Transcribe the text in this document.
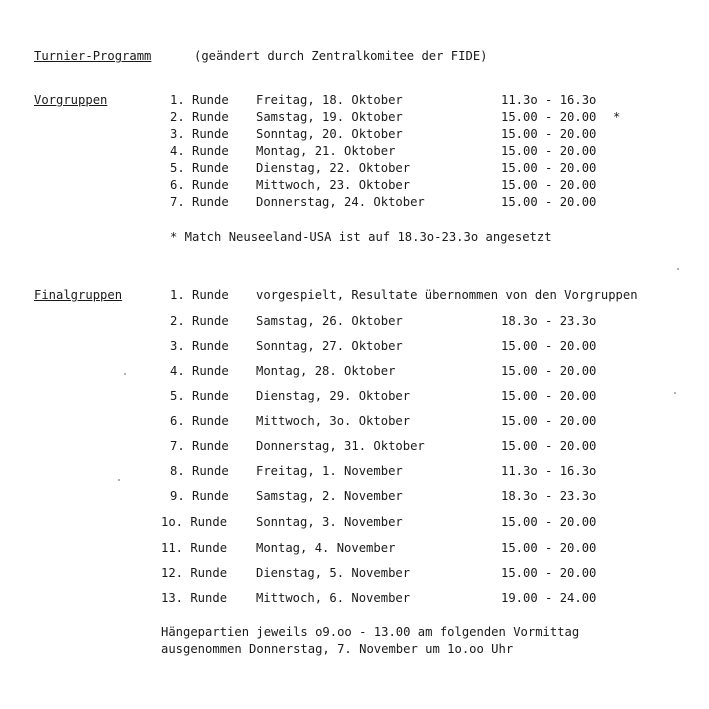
Turnier-Programm	(geändert durch Zentralkomitee der FIDE)
Vorgruppen	1. Runde Freitag, 18. Oktober	11.3o - 16.3o
2. Runde Samstag, 19. Oktober	15.00 - 20.00 *
3. Runde Sonntag, 20. Oktober	15.00 - 20.00
4. Runde Montag, 21. Oktober	15.00 - 20.00
5. Runde Dienstag, 22. Oktober	15.00 - 20.00
6. Runde Mittwoch, 23. Oktober	15.00 - 20.00
7. Runde Donnerstag, 24. Oktober	15.00 - 20.00
* Match Neuseeland-USA ist auf 18.3o-23.3o angesetzt
Finalgruppen	1. Runde vorgespielt, Resultate übernommen von den Vorgruppen
2. Runde Samstag, 26. Oktober	18.3o - 23.3o
3. Runde Sonntag, 27. Oktober	15.00 - 20.00
4. Runde Montag, 28. Oktober	15.00 - 20.00
5. Runde Dienstag, 29. Oktober	15.00 - 20.00
6. Runde Mittwoch, 3o. Oktober	15.00 - 20.00
7. Runde Donnerstag, 31. Oktober	15.00 - 20.00
8. Runde Freitag, 1. November	11.3o - 16.3o
9. Runde Samstag, 2. November	18.3o - 23.3o
1o. Runde Sonntag, 3. November	15.00 - 20.00
11. Runde Montag, 4. November	15.00 - 20.00
12. Runde Dienstag, 5. November	15.00 - 20.00
13. Runde Mittwoch, 6. November	19.00 - 24.00
Hängepartien jeweils o9.oo - 13.00 am folgenden Vormittag
ausgenommen Donnerstag, 7. November um 1o.oo Uhr
